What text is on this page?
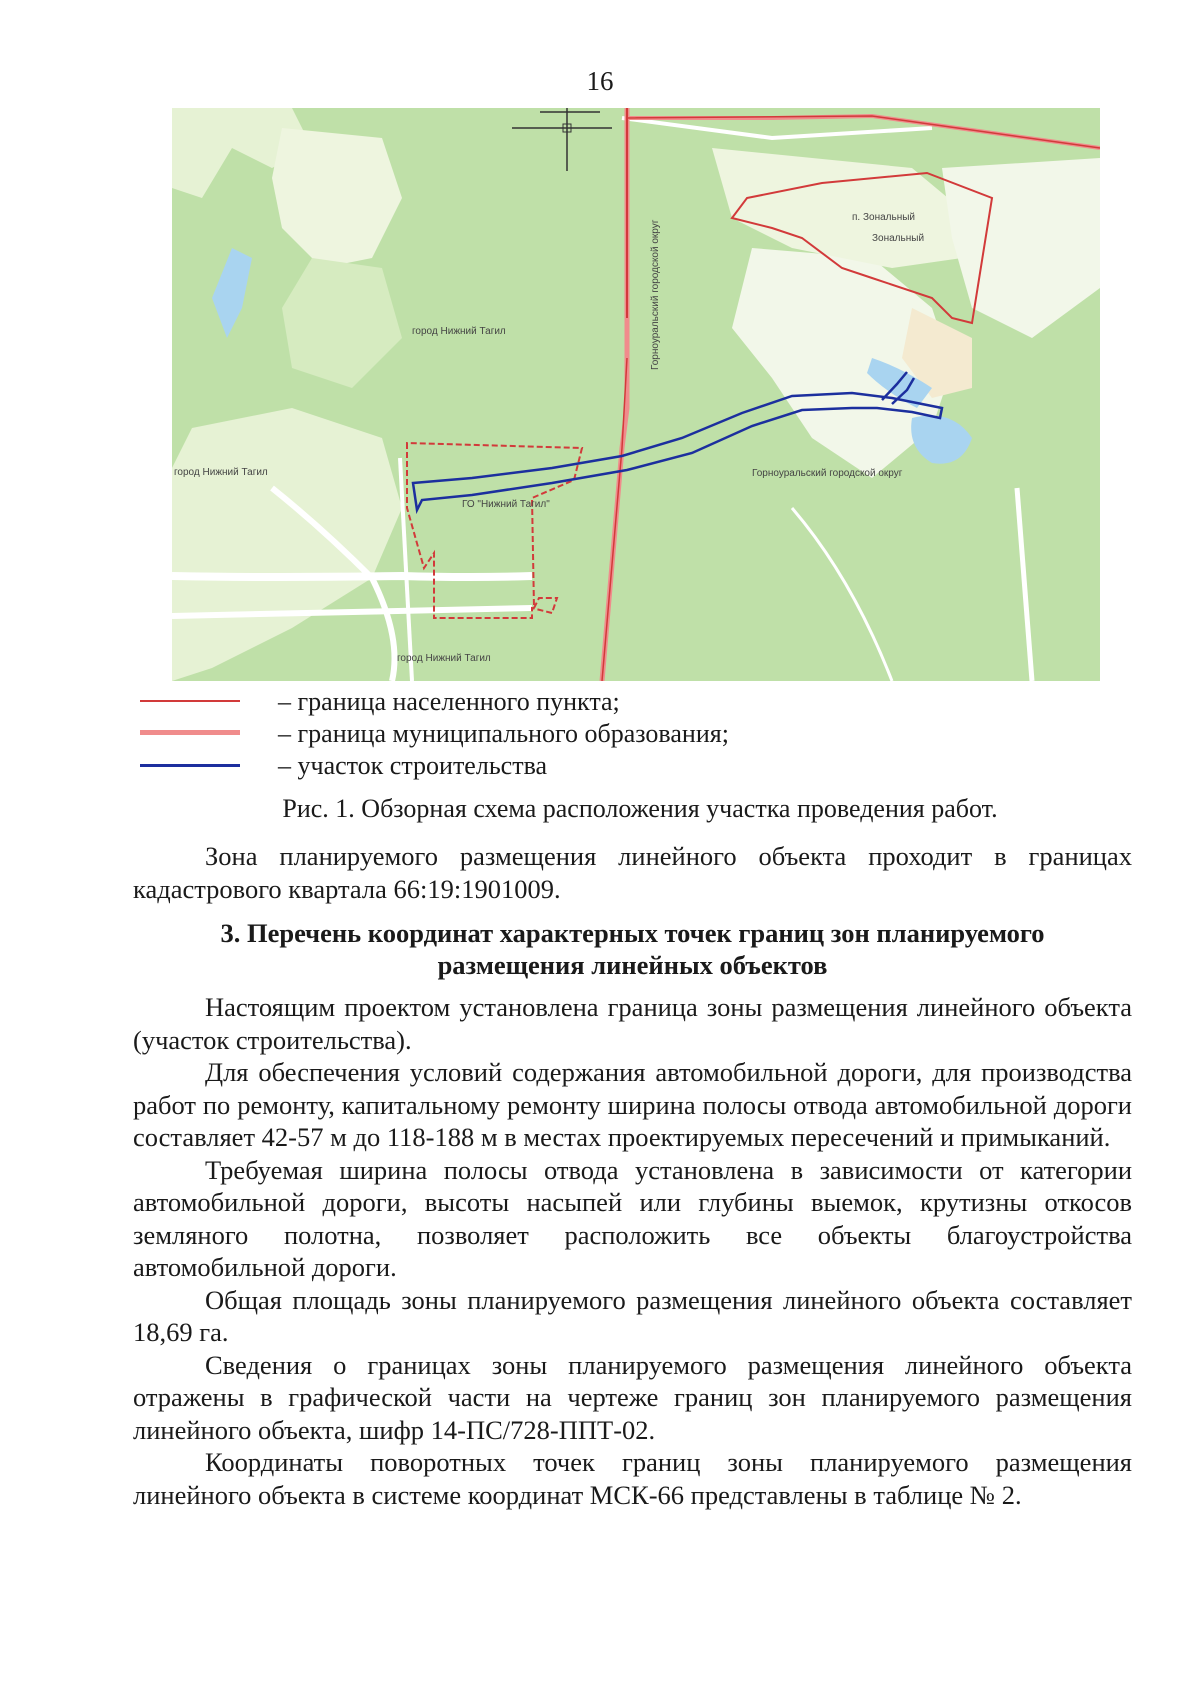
16
город Нижний Тагил
город Нижний Тагил
город Нижний Тагил
ГО "Нижний Тагил"
Горноуральский городской округ
Горноуральский городской округ
п. Зональный
Зональный
– граница населенного пункта;
– граница муниципального образования;
– участок строительства
Рис. 1. Обзорная схема расположения участка проведения работ.

Зона планируемого размещения линейного объекта проходит в границах кадастрового квартала 66:19:1901009.

3. Перечень координат характерных точек границ зон планируемого размещения линейных объектов

Настоящим проектом установлена граница зоны размещения линейного объекта (участок строительства).

Для обеспечения условий содержания автомобильной дороги, для производства работ по ремонту, капитальному ремонту ширина полосы отвода автомобильной дороги составляет 42-57 м до 118-188 м в местах проектируемых пересечений и примыканий.

Требуемая ширина полосы отвода установлена в зависимости от категории автомобильной дороги, высоты насыпей или глубины выемок, крутизны откосов земляного полотна, позволяет расположить все объекты благоустройства автомобильной дороги.

Общая площадь зоны планируемого размещения линейного объекта составляет 18,69 га.

Сведения о границах зоны планируемого размещения линейного объекта отражены в графической части на чертеже границ зон планируемого размещения линейного объекта, шифр 14-ПС/728-ППТ-02.

Координаты поворотных точек границ зоны планируемого размещения линейного объекта в системе координат МСК-66 представлены в таблице № 2.
